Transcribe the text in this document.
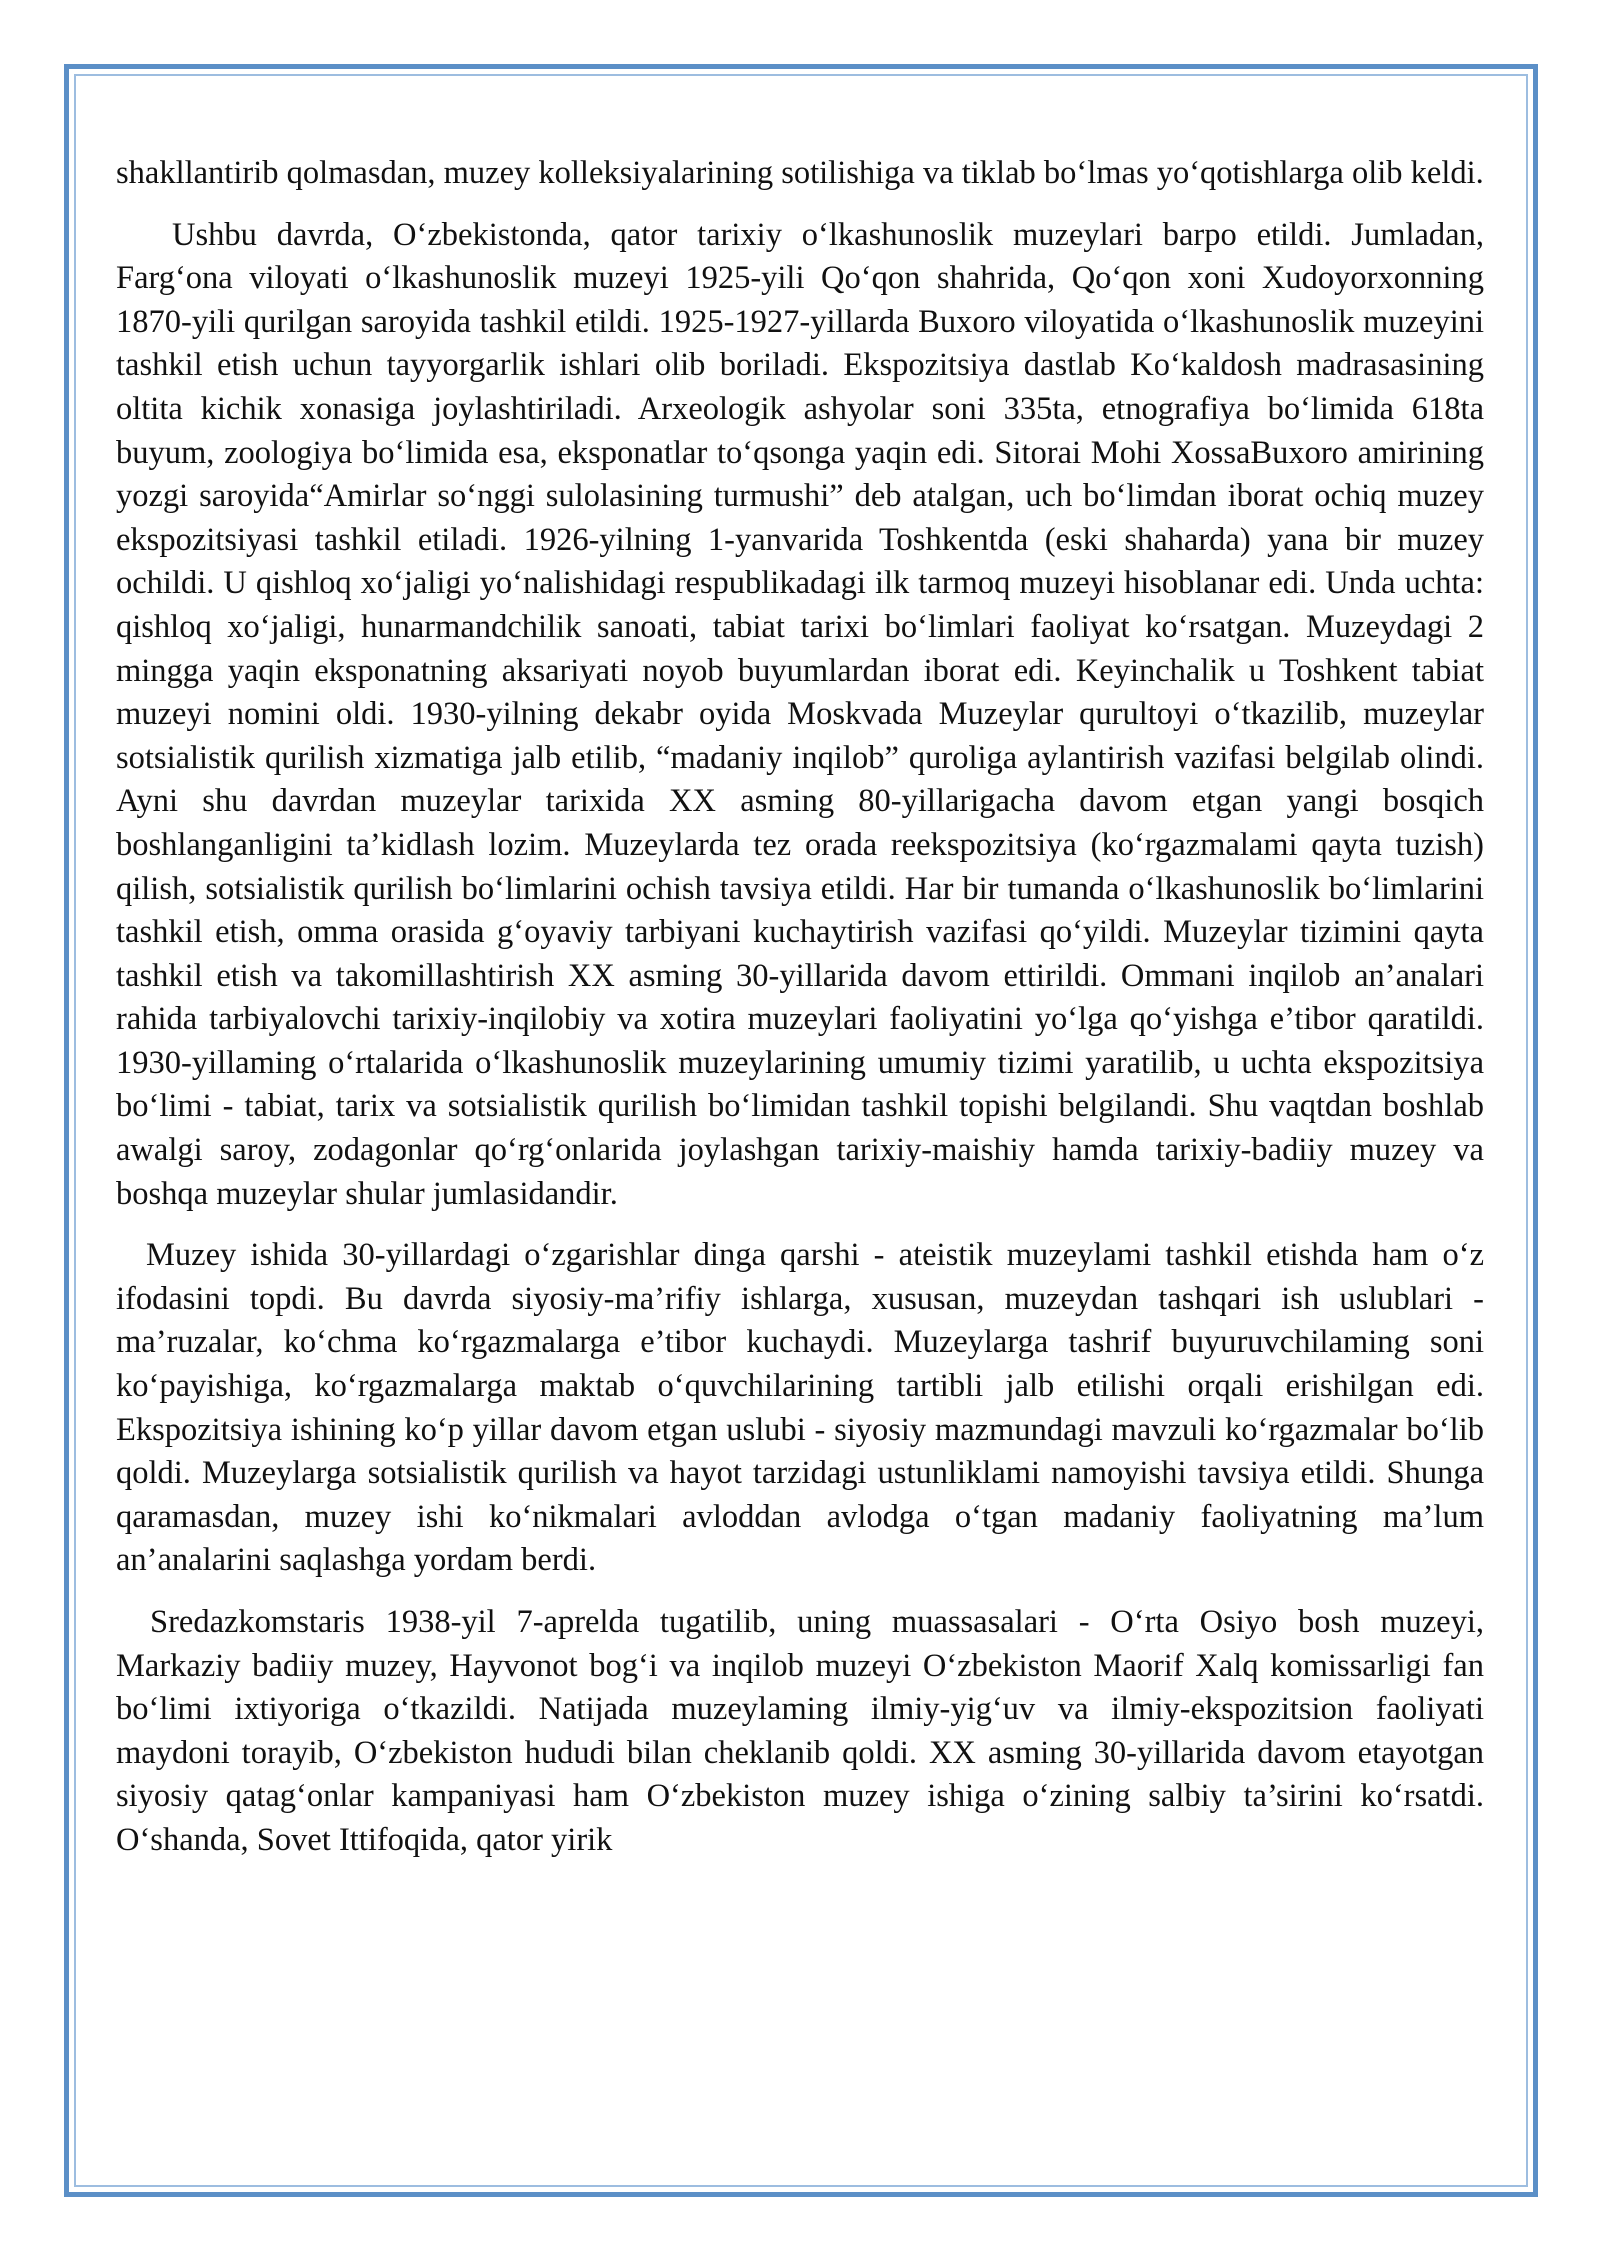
shakllantirib qolmasdan, muzey kolleksiyalarining sotilishiga va tiklab bo‘lmas yo‘qotishlarga olib keldi.

Ushbu davrda, O‘zbekistonda, qator tarixiy o‘lkashunoslik muzeylari barpo etildi. Jumladan, Farg‘ona viloyati o‘lkashunoslik muzeyi 1925-yili Qo‘qon shahrida, Qo‘qon xoni Xudoyorxonning 1870-yili qurilgan saroyida tashkil etildi. 1925-1927-yillarda Buxoro viloyatida o‘lkashunoslik muzeyini tashkil etish uchun tayyorgarlik ishlari olib boriladi. Ekspozitsiya dastlab Ko‘kaldosh madrasasining oltita kichik xonasiga joylashtiriladi. Arxeologik ashyolar soni 335ta, etnografiya bo‘limida 618ta buyum, zoologiya bo‘limida esa, eksponatlar to‘qsonga yaqin edi. Sitorai Mohi XossaBuxoro amirining yozgi saroyida“Amirlar so‘nggi sulolasining turmushi” deb atalgan, uch bo‘limdan iborat ochiq muzey ekspozitsiyasi tashkil etiladi. 1926-yilning 1-yanvarida Toshkentda (eski shaharda) yana bir muzey ochildi. U qishloq xo‘jaligi yo‘nalishidagi respublikadagi ilk tarmoq muzeyi hisoblanar edi. Unda uchta: qishloq xo‘jaligi, hunarmandchilik sanoati, tabiat tarixi bo‘limlari faoliyat ko‘rsatgan. Muzeydagi 2 mingga yaqin eksponatning aksariyati noyob buyumlardan iborat edi. Keyinchalik u Toshkent tabiat muzeyi nomini oldi. 1930-yilning dekabr oyida Moskvada Muzeylar qurultoyi o‘tkazilib, muzeylar sotsialistik qurilish xizmatiga jalb etilib, “madaniy inqilob” quroliga aylantirish vazifasi belgilab olindi. Ayni shu davrdan muzeylar tarixida XX asming 80-yillarigacha davom etgan yangi bosqich boshlanganligini ta’kidlash lozim. Muzeylarda tez orada reekspozitsiya (ko‘rgazmalami qayta tuzish) qilish, sotsialistik qurilish bo‘limlarini ochish tavsiya etildi. Har bir tumanda o‘lkashunoslik bo‘limlarini tashkil etish, omma orasida g‘oyaviy tarbiyani kuchaytirish vazifasi qo‘yildi. Muzeylar tizimini qayta tashkil etish va takomillashtirish XX asming 30-yillarida davom ettirildi. Ommani inqilob an’analari rahida tarbiyalovchi tarixiy-inqilobiy va xotira muzeylari faoliyatini yo‘lga qo‘yishga e’tibor qaratildi. 1930-yillaming o‘rtalarida o‘lkashunoslik muzeylarining umumiy tizimi yaratilib, u uchta ekspozitsiya bo‘limi - tabiat, tarix va sotsialistik qurilish bo‘limidan tashkil topishi belgilandi. Shu vaqtdan boshlab awalgi saroy, zodagonlar qo‘rg‘onlarida joylashgan tarixiy-maishiy hamda tarixiy-badiiy muzey va boshqa muzeylar shular jumlasidandir.

Muzey ishida 30-yillardagi o‘zgarishlar dinga qarshi - ateistik muzeylami tashkil etishda ham o‘z ifodasini topdi. Bu davrda siyosiy-ma’rifiy ishlarga, xususan, muzeydan tashqari ish uslublari - ma’ruzalar, ko‘chma ko‘rgazmalarga e’tibor kuchaydi. Muzeylarga tashrif buyuruvchilaming soni ko‘payishiga, ko‘rgazmalarga maktab o‘quvchilarining tartibli jalb etilishi orqali erishilgan edi. Ekspozitsiya ishining ko‘p yillar davom etgan uslubi - siyosiy mazmundagi mavzuli ko‘rgazmalar bo‘lib qoldi. Muzeylarga sotsialistik qurilish va hayot tarzidagi ustunliklami namoyishi tavsiya etildi. Shunga qaramasdan, muzey ishi ko‘nikmalari avloddan avlodga o‘tgan madaniy faoliyatning ma’lum an’analarini saqlashga yordam berdi.

Sredazkomstaris 1938-yil 7-aprelda tugatilib, uning muassasalari - O‘rta Osiyo bosh muzeyi, Markaziy badiiy muzey, Hayvonot bog‘i va inqilob muzeyi O‘zbekiston Maorif Xalq komissarligi fan bo‘limi ixtiyoriga o‘tkazildi. Natijada muzeylaming ilmiy-yig‘uv va ilmiy-ekspozitsion faoliyati maydoni torayib, O‘zbekiston hududi bilan cheklanib qoldi. XX asming 30-yillarida davom etayotgan siyosiy qatag‘onlar kampaniyasi ham O‘zbekiston muzey ishiga o‘zining salbiy ta’sirini ko‘rsatdi. O‘shanda, Sovet Ittifoqida, qator yirik
